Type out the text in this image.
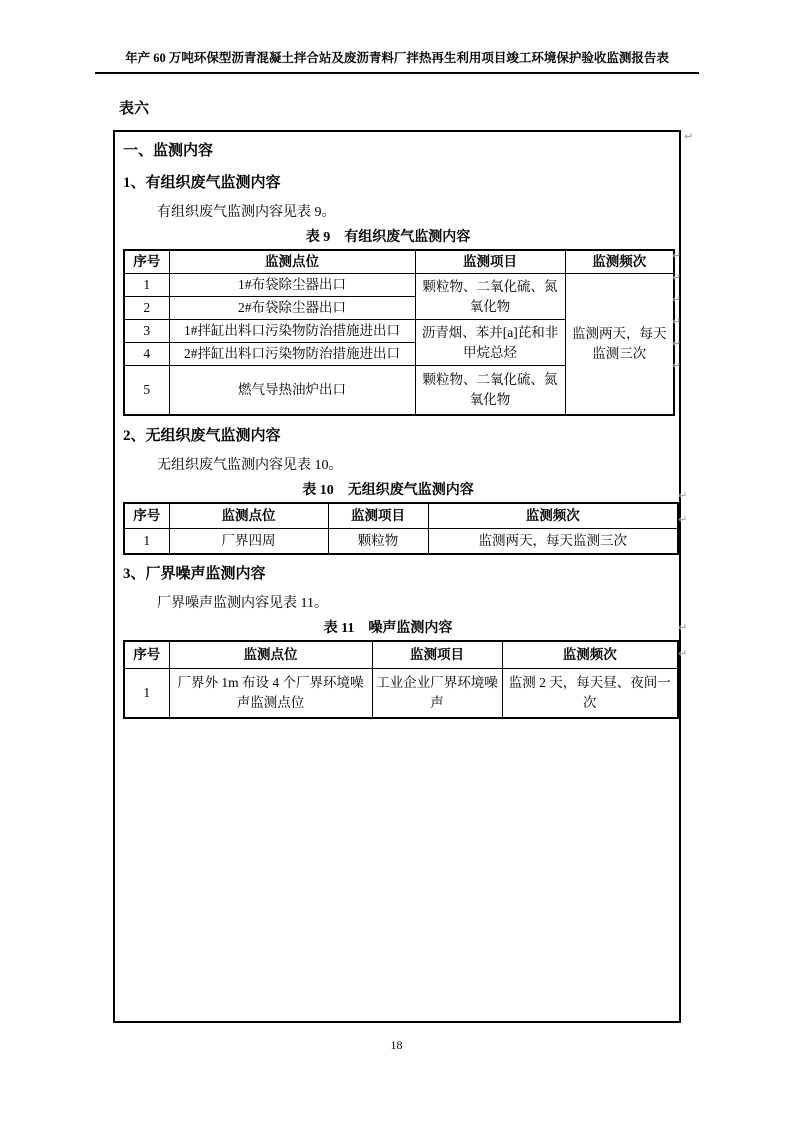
年产 60 万吨环保型沥青混凝土拌合站及废沥青料厂拌热再生利用项目竣工环境保护验收监测报告表
表六
一、监测内容
1、有组织废气监测内容
有组织废气监测内容见表 9。
表 9　有组织废气监测内容
序号	监测点位	监测项目	监测频次
1	1#布袋除尘器出口	颗粒物、二氧化硫、氮氧化物	监测两天，每天监测三次
2	2#布袋除尘器出口		
3	1#拌缸出料口污染物防治措施进出口	沥青烟、苯并[a]芘和非甲烷总烃	
4	2#拌缸出料口污染物防治措施进出口		
5	燃气导热油炉出口	颗粒物、二氧化硫、氮氧化物	
2、无组织废气监测内容
无组织废气监测内容见表 10。
表 10　无组织废气监测内容
序号	监测点位	监测项目	监测频次
1	厂界四周	颗粒物	监测两天，每天监测三次
3、厂界噪声监测内容
厂界噪声监测内容见表 11。
表 11　噪声监测内容
序号	监测点位	监测项目	监测频次
1	厂界外 1m 布设 4 个厂界环境噪声监测点位	工业企业厂界环境噪声	监测 2 天，每天昼、夜间一次
↵
↵
↵
↵
↵
↵
↵
↵
↵
↵
↵
18
